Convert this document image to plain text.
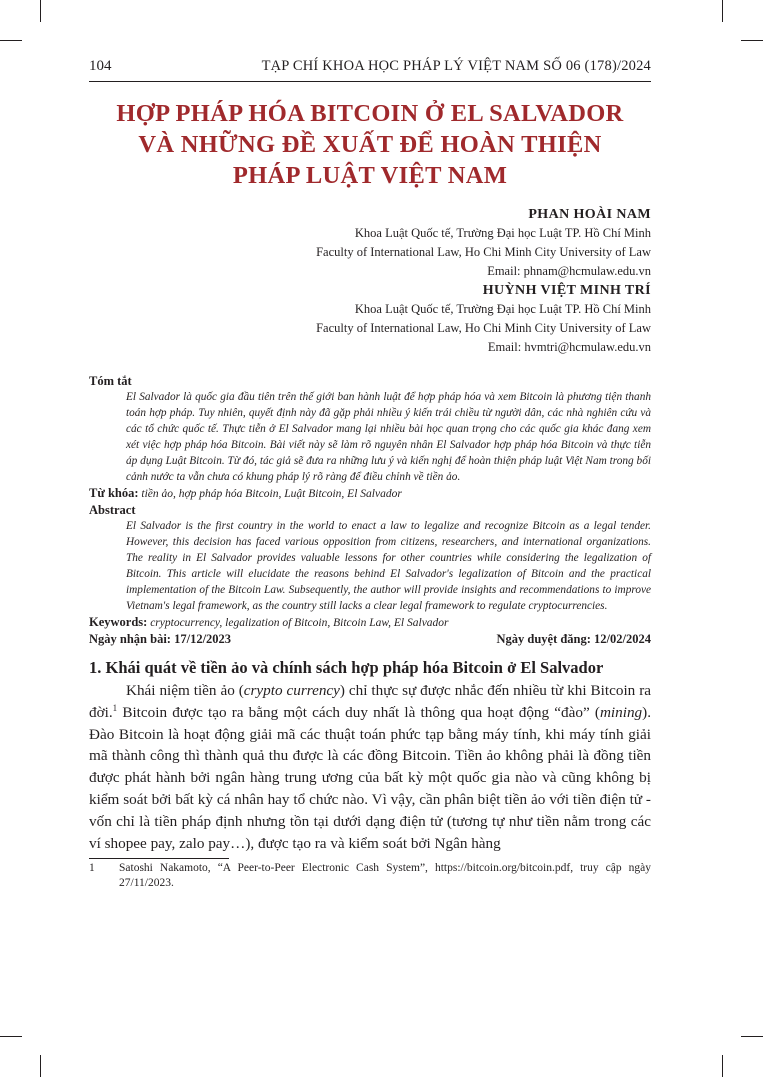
104	TẠP CHÍ KHOA HỌC PHÁP LÝ VIỆT NAM SỐ 06 (178)/2024
HỢP PHÁP HÓA BITCOIN Ở EL SALVADOR
VÀ NHỮNG ĐỀ XUẤT ĐỂ HOÀN THIỆN
PHÁP LUẬT VIỆT NAM
PHAN HOÀI NAM
Khoa Luật Quốc tế, Trường Đại học Luật TP. Hồ Chí Minh
Faculty of International Law, Ho Chi Minh City University of Law
Email: phnam@hcmulaw.edu.vn
HUỲNH VIỆT MINH TRÍ
Khoa Luật Quốc tế, Trường Đại học Luật TP. Hồ Chí Minh
Faculty of International Law, Ho Chi Minh City University of Law
Email: hvmtri@hcmulaw.edu.vn
Tóm tắt
El Salvador là quốc gia đầu tiên trên thế giới ban hành luật để hợp pháp hóa và xem Bitcoin là phương tiện thanh toán hợp pháp. Tuy nhiên, quyết định này đã gặp phải nhiều ý kiến trái chiều từ người dân, các nhà nghiên cứu và các tổ chức quốc tế. Thực tiễn ở El Salvador mang lại nhiều bài học quan trọng cho các quốc gia khác đang xem xét việc hợp pháp hóa Bitcoin. Bài viết này sẽ làm rõ nguyên nhân El Salvador hợp pháp hóa Bitcoin và thực tiễn áp dụng Luật Bitcoin. Từ đó, tác giả sẽ đưa ra những lưu ý và kiến nghị để hoàn thiện pháp luật Việt Nam trong bối cảnh nước ta vẫn chưa có khung pháp lý rõ ràng để điều chỉnh về tiền ảo.
Từ khóa: tiền ảo, hợp pháp hóa Bitcoin, Luật Bitcoin, El Salvador
Abstract
El Salvador is the first country in the world to enact a law to legalize and recognize Bitcoin as a legal tender. However, this decision has faced various opposition from citizens, researchers, and international organizations. The reality in El Salvador provides valuable lessons for other countries while considering the legalization of Bitcoin. This article will elucidate the reasons behind El Salvador's legalization of Bitcoin and the practical implementation of the Bitcoin Law. Subsequently, the author will provide insights and recommendations to improve Vietnam's legal framework, as the country still lacks a clear legal framework to regulate cryptocurrencies.
Keywords: cryptocurrency, legalization of Bitcoin, Bitcoin Law, El Salvador
Ngày nhận bài: 17/12/2023	Ngày duyệt đăng: 12/02/2024
1. Khái quát về tiền ảo và chính sách hợp pháp hóa Bitcoin ở El Salvador

Khái niệm tiền ảo (crypto currency) chỉ thực sự được nhắc đến nhiều từ khi Bitcoin ra đời.$^1$ Bitcoin được tạo ra bằng một cách duy nhất là thông qua hoạt động “đào” (mining). Đào Bitcoin là hoạt động giải mã các thuật toán phức tạp bằng máy tính, khi máy tính giải mã thành công thì thành quả thu được là các đồng Bitcoin. Tiền ảo không phải là đồng tiền được phát hành bởi ngân hàng trung ương của bất kỳ một quốc gia nào và cũng không bị kiểm soát bởi bất kỳ cá nhân hay tổ chức nào. Vì vậy, cần phân biệt tiền ảo với tiền điện tử - vốn chỉ là tiền pháp định nhưng tồn tại dưới dạng điện tử (tương tự như tiền nằm trong các ví shopee pay, zalo pay…), được tạo ra và kiểm soát bởi Ngân hàng

1	Satoshi Nakamoto, “A Peer-to-Peer Electronic Cash System”, https://bitcoin.org/bitcoin.pdf, truy cập ngày 27/11/2023.
